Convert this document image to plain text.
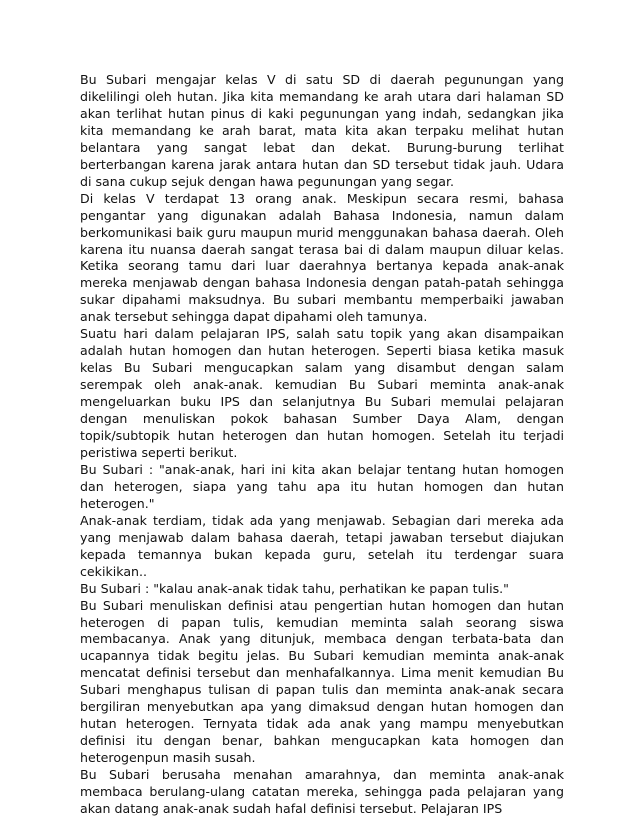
Bu Subari mengajar kelas V di satu SD di daerah pegunungan yang dikelilingi oleh hutan. Jika kita memandang ke arah utara dari halaman SD akan terlihat hutan pinus di kaki pegunungan yang indah, sedangkan jika kita memandang ke arah barat, mata kita akan terpaku melihat hutan belantara yang sangat lebat dan dekat. Burung-burung terlihat berterbangan karena jarak antara hutan dan SD tersebut tidak jauh. Udara di sana cukup sejuk dengan hawa pegunungan yang segar.

Di kelas V terdapat 13 orang anak. Meskipun secara resmi, bahasa pengantar yang digunakan adalah Bahasa Indonesia, namun dalam berkomunikasi baik guru maupun murid menggunakan bahasa daerah. Oleh karena itu nuansa daerah sangat terasa bai di dalam maupun diluar kelas. Ketika seorang tamu dari luar daerahnya bertanya kepada anak-anak mereka menjawab dengan bahasa Indonesia dengan patah-patah sehingga sukar dipahami maksudnya. Bu subari membantu memperbaiki jawaban anak tersebut sehingga dapat dipahami oleh tamunya.

Suatu hari dalam pelajaran IPS, salah satu topik yang akan disampaikan adalah hutan homogen dan hutan heterogen. Seperti biasa ketika masuk kelas Bu Subari mengucapkan salam yang disambut dengan salam serempak oleh anak-anak. kemudian Bu Subari meminta anak-anak mengeluarkan buku IPS dan selanjutnya Bu Subari memulai pelajaran dengan menuliskan pokok bahasan Sumber Daya Alam, dengan topik/subtopik hutan heterogen dan hutan homogen. Setelah itu terjadi peristiwa seperti berikut.

Bu Subari : "anak-anak, hari ini kita akan belajar tentang hutan homogen dan heterogen, siapa yang tahu apa itu hutan homogen dan hutan heterogen."

Anak-anak terdiam, tidak ada yang menjawab. Sebagian dari mereka ada yang menjawab dalam bahasa daerah, tetapi jawaban tersebut diajukan kepada temannya bukan kepada guru, setelah itu terdengar suara cekikikan..

Bu Subari : "kalau anak-anak tidak tahu, perhatikan ke papan tulis."

Bu Subari menuliskan definisi atau pengertian hutan homogen dan hutan heterogen di papan tulis, kemudian meminta salah seorang siswa membacanya. Anak yang ditunjuk, membaca dengan terbata-bata dan ucapannya tidak begitu jelas. Bu Subari kemudian meminta anak-anak mencatat definisi tersebut dan menhafalkannya. Lima menit kemudian Bu Subari menghapus tulisan di papan tulis dan meminta anak-anak secara bergiliran menyebutkan apa yang dimaksud dengan hutan homogen dan hutan heterogen. Ternyata tidak ada anak yang mampu menyebutkan definisi itu dengan benar, bahkan mengucapkan kata homogen dan heterogenpun masih susah.

Bu Subari berusaha menahan amarahnya, dan meminta anak-anak membaca berulang-ulang catatan mereka, sehingga pada pelajaran yang akan datang anak-anak sudah hafal definisi tersebut. Pelajaran IPS
